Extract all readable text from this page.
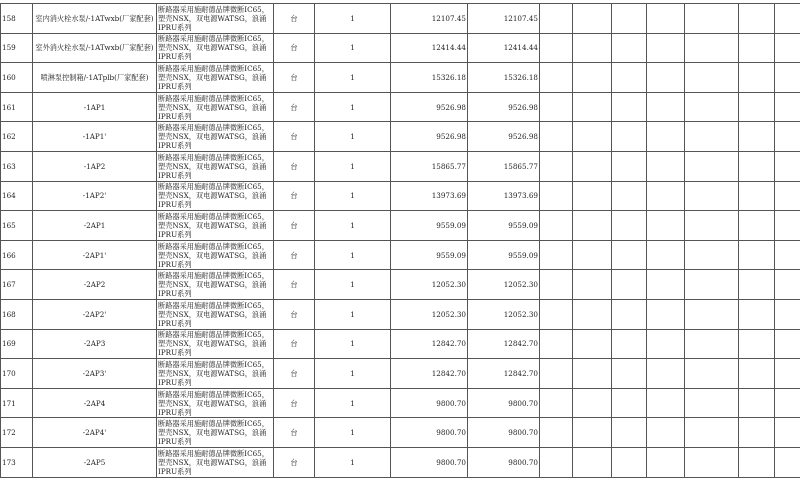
158	室内消火栓水泵/-1ATwxb(厂家配套)	断路器采用施耐德品牌微断IC65，塑壳NSX，双电源WATSG，浪涌IPRU系列	台	1	12107.45	12107.45							
159	室外消火栓水泵/-1ATwxb(厂家配套)	断路器采用施耐德品牌微断IC65，塑壳NSX，双电源WATSG，浪涌IPRU系列	台	1	12414.44	12414.44							
160	喷淋泵控制箱/-1ATplb(厂家配套)	断路器采用施耐德品牌微断IC65，塑壳NSX，双电源WATSG，浪涌IPRU系列	台	1	15326.18	15326.18							
161	-1AP1	断路器采用施耐德品牌微断IC65，塑壳NSX，双电源WATSG，浪涌IPRU系列	台	1	9526.98	9526.98							
162	-1AP1'	断路器采用施耐德品牌微断IC65，塑壳NSX，双电源WATSG，浪涌IPRU系列	台	1	9526.98	9526.98							
163	-1AP2	断路器采用施耐德品牌微断IC65，塑壳NSX，双电源WATSG，浪涌IPRU系列	台	1	15865.77	15865.77							
164	-1AP2'	断路器采用施耐德品牌微断IC65，塑壳NSX，双电源WATSG，浪涌IPRU系列	台	1	13973.69	13973.69							
165	-2AP1	断路器采用施耐德品牌微断IC65，塑壳NSX，双电源WATSG，浪涌IPRU系列	台	1	9559.09	9559.09							
166	-2AP1'	断路器采用施耐德品牌微断IC65，塑壳NSX，双电源WATSG，浪涌IPRU系列	台	1	9559.09	9559.09							
167	-2AP2	断路器采用施耐德品牌微断IC65，塑壳NSX，双电源WATSG，浪涌IPRU系列	台	1	12052.30	12052.30							
168	-2AP2'	断路器采用施耐德品牌微断IC65，塑壳NSX，双电源WATSG，浪涌IPRU系列	台	1	12052.30	12052.30							
169	-2AP3	断路器采用施耐德品牌微断IC65，塑壳NSX，双电源WATSG，浪涌IPRU系列	台	1	12842.70	12842.70							
170	-2AP3'	断路器采用施耐德品牌微断IC65，塑壳NSX，双电源WATSG，浪涌IPRU系列	台	1	12842.70	12842.70							
171	-2AP4	断路器采用施耐德品牌微断IC65，塑壳NSX，双电源WATSG，浪涌IPRU系列	台	1	9800.70	9800.70							
172	-2AP4'	断路器采用施耐德品牌微断IC65，塑壳NSX，双电源WATSG，浪涌IPRU系列	台	1	9800.70	9800.70							
173	-2AP5	断路器采用施耐德品牌微断IC65，塑壳NSX，双电源WATSG，浪涌IPRU系列	台	1	9800.70	9800.70							
